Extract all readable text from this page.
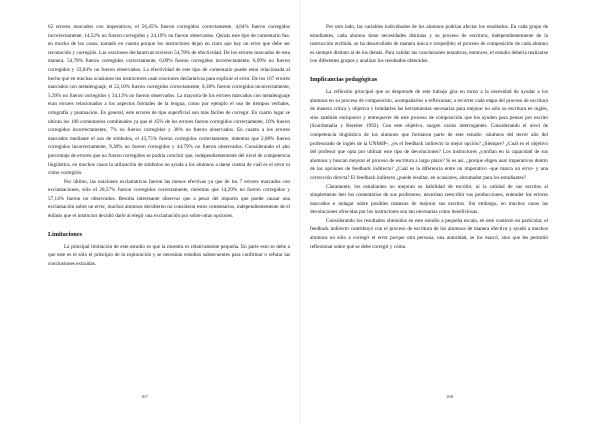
62 errores marcados con imperativos, el 56,45% fueron corregidos correctamente, 4,84% fueron corregidos incorrectamente, 14,52% no fueron corregidos y 24,19% no fueron observados. Quizás este tipo de comentario fue, en mucho de los casos, tomado en cuenta porque los instructores dejan en claro que hay un error que debe ser reconocido y corregido. Las oraciones declarativas tuvieron 54,78% de efectividad. De los errores marcados de esta manera, 54,78% fueron corregidos correctamente, 6,09% fueron corregidos incorrectamente, 6,09% no fueron corregidos y 33,04% no fueron observados. La efectividad de este tipo de comentario puede estar relacionada al hecho que en muchas ocasiones los instructores usan oraciones declarativas para explicar el error. De los 167 errores marcados con metalenguaje, el 52,10% fueron corregidos correctamente, 8,38% fueron corregidos incorrectamente, 5,39% no fueron corregidos y 34,13% no fueron observados. La mayoría de los errores marcados con metalenguaje eran errores relacionados a los aspectos formales de la lengua, como por ejemplo el uso de tiempos verbales, ortografía y puntuación. En general, este errores de tipo superficial son más fáciles de corregir. En cuarto lugar se ubican los 100 comentarios combinados ya que el 45% de los errores fueron corregidos correctamente, 10% fueron corregidos incorrectamente, 7% no fueron corregidos y 38% no fueron observados. En cuanto a los errores marcados mediante el uso de símbolos, el 43,75% fueron corregidos correctamente, mientras que 2,08% fueron corregidos incorrectamente, 9,38% no fueron corregidos y 44,79% no fueron observados. Considerando el alto porcentaje de errores que no fueron corregidos se podría concluir que, independientemente del nivel de competencia lingüística, en muchos casos la utilización de símbolos no ayuda a los alumnos a darse cuenta de cuál es el error ni cómo corregirlo.

Por último, las oraciones exclamativas fueron las menos efectivas ya que de los 7 errores marcados con exclamaciones, sólo el 28,57% fueron corregidos correctamente, mientras que 14,29% no fueron corregidos y 57,14% fueron no observados. Resulta interesante observar que a pesar del impacto que puede causar una exclamación sobre un error, muchos alumnos decidieron no considerar estos comentarios, independientemente de el énfasis que el instructor decidió darle al elegir una exclamación por sobre otras opciones.

Limitaciones

La principal limitación de este estudio es que la muestra es relativamente pequeña. En parte esto se debe a que este es el sólo el principio de la exploración y se necesitan estudios subsecuentes para confirmar o refutar las conclusiones extraídas.

167

Por otro lado, las variables individuales de los alumnos podrían afectar los resultados. En cada grupo de estudiantes, cada alumno tiene necesidades distintas y su proceso de escritura, independientemente de la instrucción recibida, se ha desarrollado de manera única e irrepetible; el proceso de composición de cada alumno es siempre distinto al de los demás. Para validar las conclusiones tentativas, entonces, el estudio debería realizarse con diferentes grupos y analizar los resultados obtenidos.

Implicancias pedagógicas

La reflexión principal que se desprende de este trabajo gira en torno a la necesidad de ayudar a los alumnos en su proceso de composición, acompañarlos a reflexionar, a recorrer cada etapa del proceso de escritura de manera crítica y objetiva y brindarles las herramientas necesarias para mejorar no sólo su escritura en inglés, sino también enriquecer y entrequecer de este proceso de composición que los ayuden para pensar por escrito (Scardamalia y Bereiter 1992). Con este objetivo, surgen varios interrogantes. Considerando el nivel de competencia lingüística de los alumnos que formaron parte de este estudio -alumnos del tercer año del profesorado de inglés de la UNMdP-, ¿es el feedback indirecto la mejor opción? ¿Siempre? ¿Cuál es el objetivo del profesor que opta por utilizar este tipo de devoluciones? Los instructores ¿confían en la capacidad de sus alumnos y buscan mejorar el proceso de escritura a largo plazo? Si es así, ¿porque eligen usar imperativos dentro de las opciones de feedback indirecto? ¿Cuál es la diferencia entre un imperativo -que marca un error- y una corrección directa? El feedback indirecto ¿puede resultar, en ocasiones, abrumador para los estudiantes?

Claramente, los estudiantes no mejoran su habilidad de escribir, ni la calidad de sus escritos al simplemente leer los comentarios de sus profesores; necesitan reescribir sus producciones, entender los errores marcados e indagar sobre posibles maneras de mejorar sus escritos. Sin embargo, en muchos casos las devoluciones ofrecidas por los instructores son tan necesarias como benefíciosas.

Considerando los resultados obtenidos en este estudio a pequeña escala, en este contexto en particular, el feedback indirecto contribuyó con el proceso de escritura de los alumnos de manera efectiva y ayudó a muchos alumnos no sólo a corregir el error porque otra persona, una autoridad, se los marcó, sino que les permitió reflexionar sobre qué se debe corregir y cómo.

168
